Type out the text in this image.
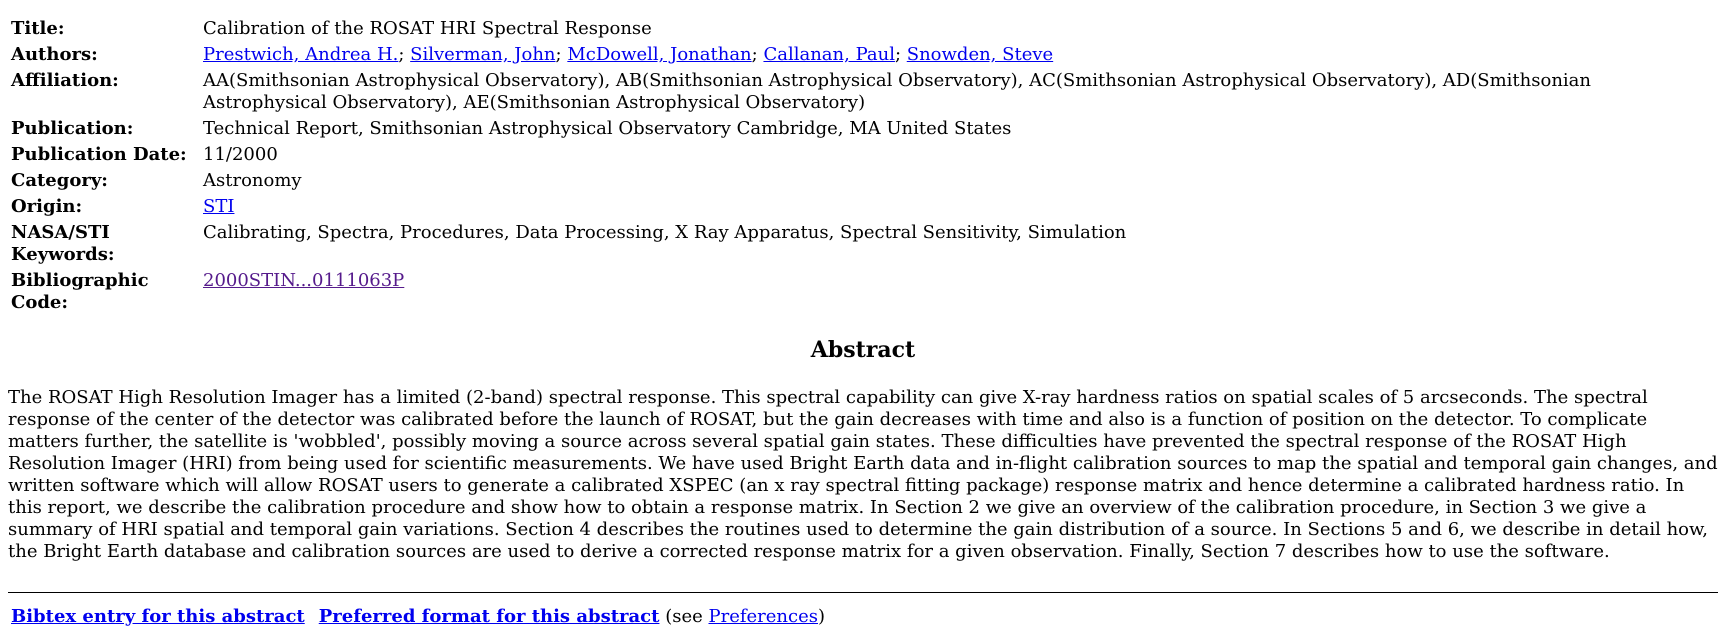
Title:	Calibration of the ROSAT HRI Spectral Response
Authors:	Prestwich, Andrea H.; Silverman, John; McDowell, Jonathan; Callanan, Paul; Snowden, Steve
Affiliation:	AA(Smithsonian Astrophysical Observatory), AB(Smithsonian Astrophysical Observatory), AC(Smithsonian Astrophysical Observatory), AD(Smithsonian Astrophysical Observatory), AE(Smithsonian Astrophysical Observatory)
Publication:	Technical Report, Smithsonian Astrophysical Observatory Cambridge, MA United States
Publication Date: 11/2000
Category:	Astronomy
Origin:	STI
NASA/STI Keywords:
Calibrating, Spectra, Procedures, Data Processing, X Ray Apparatus, Spectral Sensitivity, Simulation
Bibliographic Code:
2000STIN...0111063P
Abstract
The ROSAT High Resolution Imager has a limited (2-band) spectral response. This spectral capability can give X-ray hardness ratios on spatial scales of 5 arcseconds. The spectral response of the center of the detector was calibrated before the launch of ROSAT, but the gain decreases with time and also is a function of position on the detector. To complicate matters further, the satellite is 'wobbled', possibly moving a source across several spatial gain states. These difficulties have prevented the spectral response of the ROSAT High Resolution Imager (HRI) from being used for scientific measurements. We have used Bright Earth data and in-flight calibration sources to map the spatial and temporal gain changes, and written software which will allow ROSAT users to generate a calibrated XSPEC (an x ray spectral fitting package) response matrix and hence determine a calibrated hardness ratio. In this report, we describe the calibration procedure and show how to obtain a response matrix. In Section 2 we give an overview of the calibration procedure, in Section 3 we give a summary of HRI spatial and temporal gain variations. Section 4 describes the routines used to determine the gain distribution of a source. In Sections 5 and 6, we describe in detail how, the Bright Earth database and calibration sources are used to derive a corrected response matrix for a given observation. Finally, Section 7 describes how to use the software.
Bibtex entry for this abstract Preferred format for this abstract (see Preferences)
